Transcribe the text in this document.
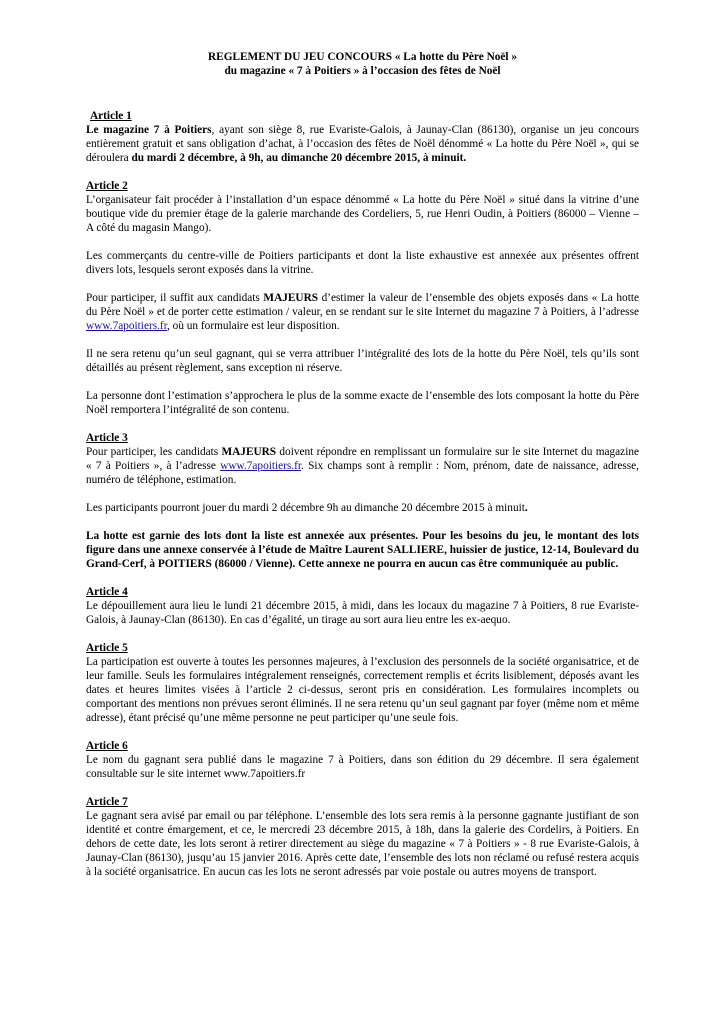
REGLEMENT DU JEU CONCOURS « La hotte du Père Noël »

du magazine « 7 à Poitiers » à l’occasion des fêtes de Noël

Article 1

Le magazine 7 à Poitiers, ayant son siège 8, rue Evariste-Galois, à Jaunay-Clan (86130), organise un jeu concours entièrement gratuit et sans obligation d’achat, à l’occasion des fêtes de Noël dénommé « La hotte du Père Noël », qui se déroulera du mardi 2 décembre, à 9h, au dimanche 20 décembre 2015, à minuit.

Article 2

L’organisateur fait procéder à l’installation d’un espace dénommé « La hotte du Père Noël » situé dans la vitrine d’une boutique vide du premier étage de la galerie marchande des Cordeliers, 5, rue Henri Oudin, à Poitiers (86000 – Vienne – A côté du magasin Mango).

Les commerçants du centre-ville de Poitiers participants et dont la liste exhaustive est annexée aux présentes offrent divers lots, lesquels seront exposés dans la vitrine.

Pour participer, il suffit aux candidats MAJEURS d’estimer la valeur de l’ensemble des objets exposés dans « La hotte du Père Noël » et de porter cette estimation / valeur, en se rendant sur le site Internet du magazine 7 à Poitiers, à l’adresse www.7apoitiers.fr, où un formulaire est leur disposition.

Il ne sera retenu qu’un seul gagnant, qui se verra attribuer l’intégralité des lots de la hotte du Père Noël, tels qu’ils sont détaillés au présent règlement, sans exception ni réserve.

La personne dont l’estimation s’approchera le plus de la somme exacte de l’ensemble des lots composant la hotte du Père Noël remportera l’intégralité de son contenu.

Article 3

Pour participer, les candidats MAJEURS doivent répondre en remplissant un formulaire sur le site Internet du magazine « 7 à Poitiers », à l’adresse www.7apoitiers.fr. Six champs sont à remplir : Nom, prénom, date de naissance, adresse, numéro de téléphone, estimation.

Les participants pourront jouer du mardi 2 décembre 9h au dimanche 20 décembre 2015 à minuit.

La hotte est garnie des lots dont la liste est annexée aux présentes. Pour les besoins du jeu, le montant des lots figure dans une annexe conservée à l’étude de Maître Laurent SALLIERE, huissier de justice, 12-14, Boulevard du Grand-Cerf, à POITIERS (86000 / Vienne). Cette annexe ne pourra en aucun cas être communiquée au public.

Article 4

Le dépouillement aura lieu le lundi 21 décembre 2015, à midi, dans les locaux du magazine 7 à Poitiers, 8 rue Evariste-Galois, à Jaunay-Clan (86130). En cas d’égalité, un tirage au sort aura lieu entre les ex-aequo.

Article 5

La participation est ouverte à toutes les personnes majeures, à l’exclusion des personnels de la société organisatrice, et de leur famille. Seuls les formulaires intégralement renseignés, correctement remplis et écrits lisiblement, déposés avant les dates et heures limites visées à l’article 2 ci-dessus, seront pris en considération. Les formulaires incomplets ou comportant des mentions non prévues seront éliminés. Il ne sera retenu qu’un seul gagnant par foyer (même nom et même adresse), étant précisé qu’une même personne ne peut participer qu’une seule fois.

Article 6

Le nom du gagnant sera publié dans le magazine 7 à Poitiers, dans son édition du 29 décembre. Il sera également consultable sur le site internet www.7apoitiers.fr

Article 7

Le gagnant sera avisé par email ou par téléphone. L’ensemble des lots sera remis à la personne gagnante justifiant de son identité et contre émargement, et ce, le mercredi 23 décembre 2015, à 18h, dans la galerie des Cordelirs, à Poitiers. En dehors de cette date, les lots seront à retirer directement au siège du magazine « 7 à Poitiers » - 8 rue Evariste-Galois, à Jaunay-Clan (86130), jusqu’au 15 janvier 2016. Après cette date, l’ensemble des lots non réclamé ou refusé restera acquis à la société organisatrice. En aucun cas les lots ne seront adressés par voie postale ou autres moyens de transport.
